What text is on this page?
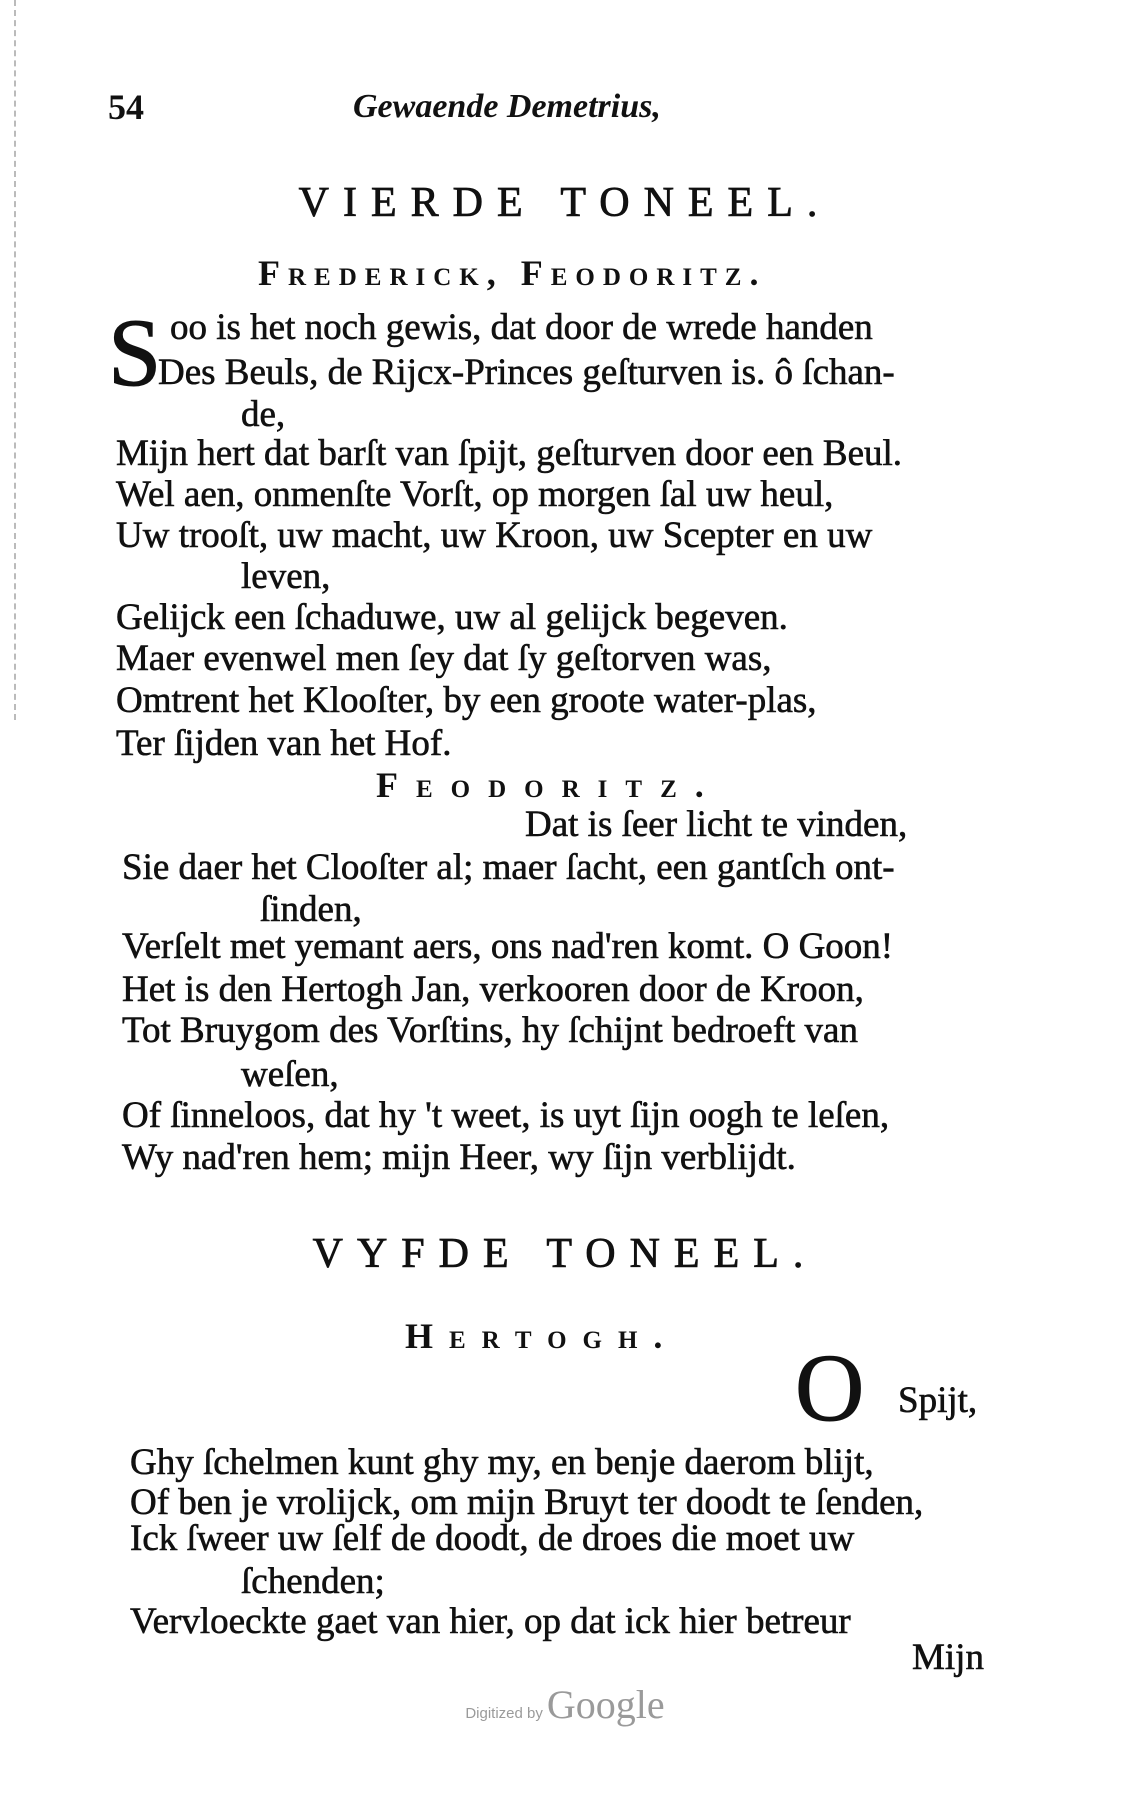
54	Gewaende Demetrius,
VIERDE TONEEL.
Frederick, Feodoritz.
S oo is het noch gewis, dat door de wrede handen
Des Beuls, de Rijcx-Princes geſturven is. ô ſchan-
de,
Mijn hert dat barſt van ſpijt, geſturven door een Beul.
Wel aen, onmenſte Vorſt, op morgen ſal uw heul,
Uw trooſt, uw macht, uw Kroon, uw Scepter en uw
leven,
Gelijck een ſchaduwe, uw al gelijck begeven.
Maer evenwel men ſey dat ſy geſtorven was,
Omtrent het Klooſter, by een groote water-plas,
Ter ſijden van het Hof.
Feodoritz.
Dat is ſeer licht te vinden,
Sie daer het Clooſter al; maer ſacht, een gantſch ont-
ſinden,
Verſelt met yemant aers, ons nad'ren komt. O Goon!
Het is den Hertogh Jan, verkooren door de Kroon,
Tot Bruygom des Vorſtins, hy ſchijnt bedroeft van
weſen,
Of ſinneloos, dat hy 't weet, is uyt ſijn oogh te leſen,
Wy nad'ren hem; mijn Heer, wy ſijn verblijdt.
VYFDE TONEEL.
Hertogh. O Spijt,
Ghy ſchelmen kunt ghy my, en benje daerom blijt,
Of ben je vrolijck, om mijn Bruyt ter doodt te ſenden,
Ick ſweer uw ſelf de doodt, de droes die moet uw
ſchenden;
Vervloeckte gaet van hier, op dat ick hier betreur
Mijn
Digitized by Google
